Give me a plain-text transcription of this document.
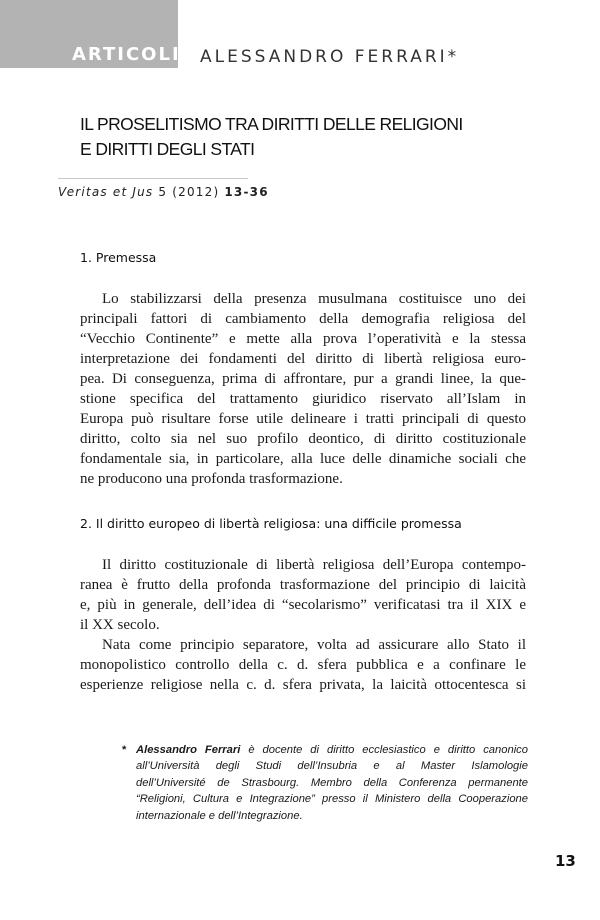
ARTICOLI ALESSANDRO FERRARI*
IL PROSELITISMO TRA DIRITTI DELLE RELIGIONI
E DIRITTI DEGLI STATI
Veritas et Jus 5 (2012) 13-36
1. Premessa
Lo stabilizzarsi della presenza musulmana costituisce uno dei
principali fattori di cambiamento della demografia religiosa del
“Vecchio Continente” e mette alla prova l’operatività e la stessa
interpretazione dei fondamenti del diritto di libertà religiosa euro-
pea. Di conseguenza, prima di affrontare, pur a grandi linee, la que-
stione specifica del trattamento giuridico riservato all’Islam in
Europa può risultare forse utile delineare i tratti principali di questo
diritto, colto sia nel suo profilo deontico, di diritto costituzionale
fondamentale sia, in particolare, alla luce delle dinamiche sociali che
ne producono una profonda trasformazione.
2. Il diritto europeo di libertà religiosa: una difficile promessa
Il diritto costituzionale di libertà religiosa dell’Europa contempo-
ranea è frutto della profonda trasformazione del principio di laicità
e, più in generale, dell’idea di “secolarismo” verificatasi tra il XIX e
il XX secolo.
Nata come principio separatore, volta ad assicurare allo Stato il
monopolistico controllo della c. d. sfera pubblica e a confinare le
esperienze religiose nella c. d. sfera privata, la laicità ottocentesca si
* Alessandro Ferrari è docente di diritto ecclesiastico e diritto canonico
all’Università degli Studi dell’Insubria e al Master Islamologie
dell’Université de Strasbourg. Membro della Conferenza permanente
“Religioni, Cultura e Integrazione” presso il Ministero della Cooperazione
internazionale e dell’Integrazione.
13
